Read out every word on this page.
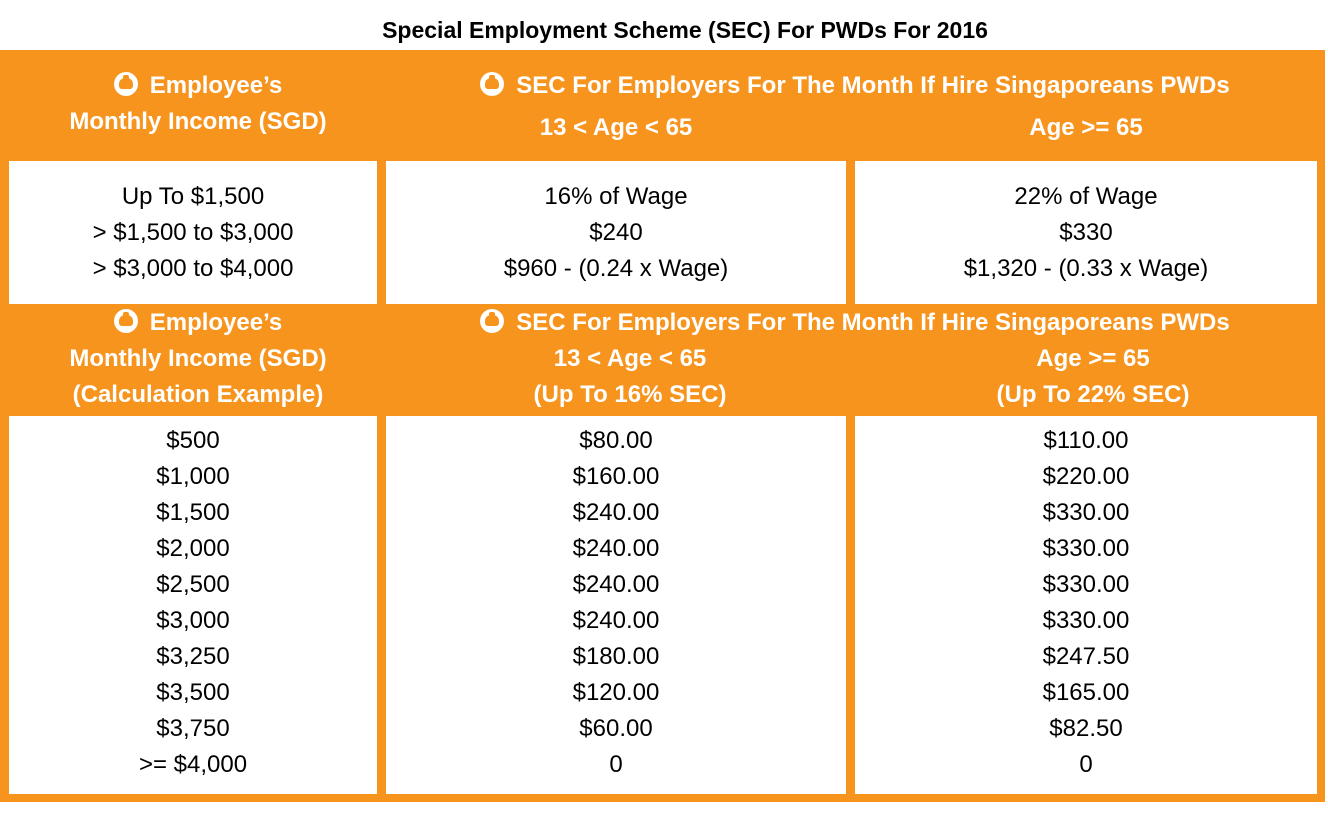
Special Employment Scheme (SEC) For PWDs For 2016
Employee’s
Monthly Income (SGD)
SEC For Employers For The Month If Hire Singaporeans PWDs
13 < Age < 65	Age >= 65
Up To $1,500
> $1,500 to $3,000
> $3,000 to $4,000
16% of Wage
$240
$960 - (0.24 x Wage)
22% of Wage
$330
$1,320 - (0.33 x Wage)
Employee’s
Monthly Income (SGD)
(Calculation Example)
SEC For Employers For The Month If Hire Singaporeans PWDs
13 < Age < 65
(Up To 16% SEC)
Age >= 65
(Up To 22% SEC)
$500
$1,000
$1,500
$2,000
$2,500
$3,000
$3,250
$3,500
$3,750
>= $4,000
$80.00
$160.00
$240.00
$240.00
$240.00
$240.00
$180.00
$120.00
$60.00
0
$110.00
$220.00
$330.00
$330.00
$330.00
$330.00
$247.50
$165.00
$82.50
0
